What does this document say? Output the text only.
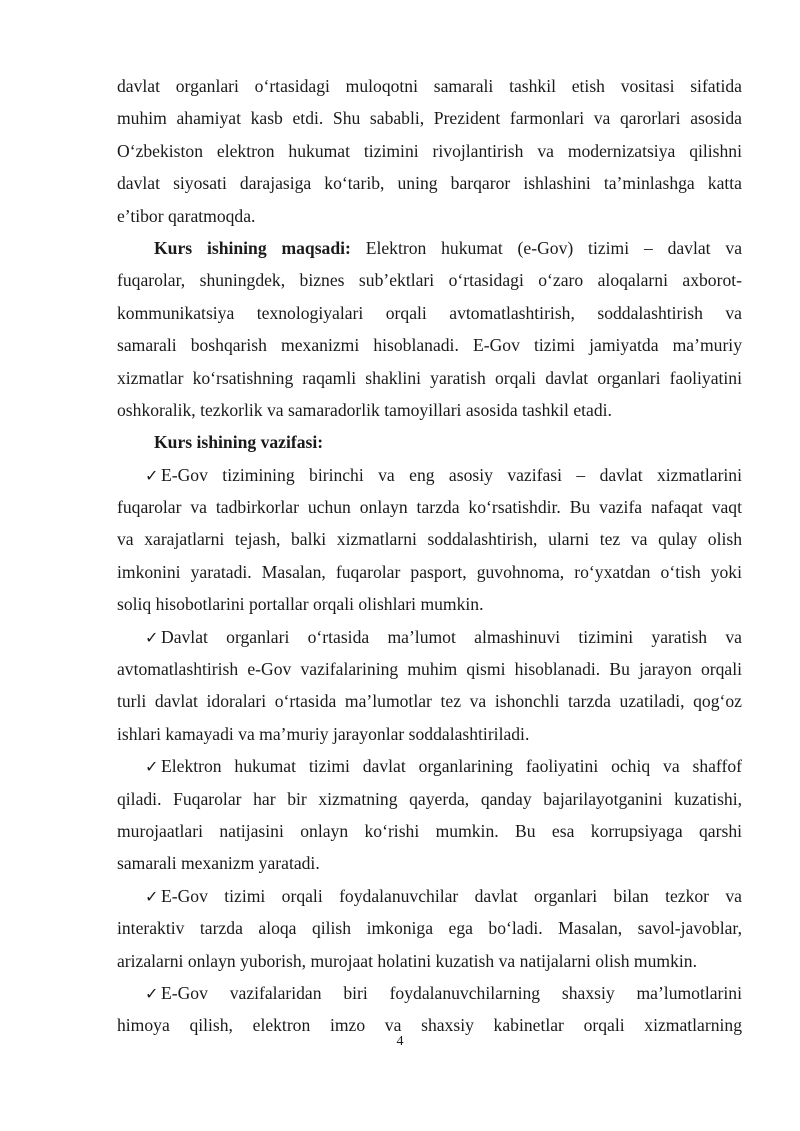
davlat organlari o‘rtasidagi muloqotni samarali tashkil etish vositasi sifatida
muhim ahamiyat kasb etdi. Shu sababli, Prezident farmonlari va qarorlari asosida
O‘zbekiston elektron hukumat tizimini rivojlantirish va modernizatsiya qilishni
davlat siyosati darajasiga ko‘tarib, uning barqaror ishlashini ta’minlashga katta
e’tibor qaratmoqda.
Kurs ishining maqsadi: Elektron hukumat (e-Gov) tizimi – davlat va
fuqarolar, shuningdek, biznes sub’ektlari o‘rtasidagi o‘zaro aloqalarni axborot-
kommunikatsiya texnologiyalari orqali avtomatlashtirish, soddalashtirish va
samarali boshqarish mexanizmi hisoblanadi. E-Gov tizimi jamiyatda ma’muriy
xizmatlar ko‘rsatishning raqamli shaklini yaratish orqali davlat organlari faoliyatini
oshkoralik, tezkorlik va samaradorlik tamoyillari asosida tashkil etadi.
Kurs ishining vazifasi:
✓ E-Gov tizimining birinchi va eng asosiy vazifasi – davlat xizmatlarini
fuqarolar va tadbirkorlar uchun onlayn tarzda ko‘rsatishdir. Bu vazifa nafaqat vaqt
va xarajatlarni tejash, balki xizmatlarni soddalashtirish, ularni tez va qulay olish
imkonini yaratadi. Masalan, fuqarolar pasport, guvohnoma, ro‘yxatdan o‘tish yoki
soliq hisobotlarini portallar orqali olishlari mumkin.
✓ Davlat organlari o‘rtasida ma’lumot almashinuvi tizimini yaratish va
avtomatlashtirish e-Gov vazifalarining muhim qismi hisoblanadi. Bu jarayon orqali
turli davlat idoralari o‘rtasida ma’lumotlar tez va ishonchli tarzda uzatiladi, qog‘oz
ishlari kamayadi va ma’muriy jarayonlar soddalashtiriladi.
✓ Elektron hukumat tizimi davlat organlarining faoliyatini ochiq va shaffof
qiladi. Fuqarolar har bir xizmatning qayerda, qanday bajarilayotganini kuzatishi,
murojaatlari natijasini onlayn ko‘rishi mumkin. Bu esa korrupsiyaga qarshi
samarali mexanizm yaratadi.
✓ E-Gov tizimi orqali foydalanuvchilar davlat organlari bilan tezkor va
interaktiv tarzda aloqa qilish imkoniga ega bo‘ladi. Masalan, savol-javoblar,
arizalarni onlayn yuborish, murojaat holatini kuzatish va natijalarni olish mumkin.
✓ E-Gov vazifalaridan biri foydalanuvchilarning shaxsiy ma’lumotlarini
himoya qilish, elektron imzo va shaxsiy kabinetlar orqali xizmatlarning
4
